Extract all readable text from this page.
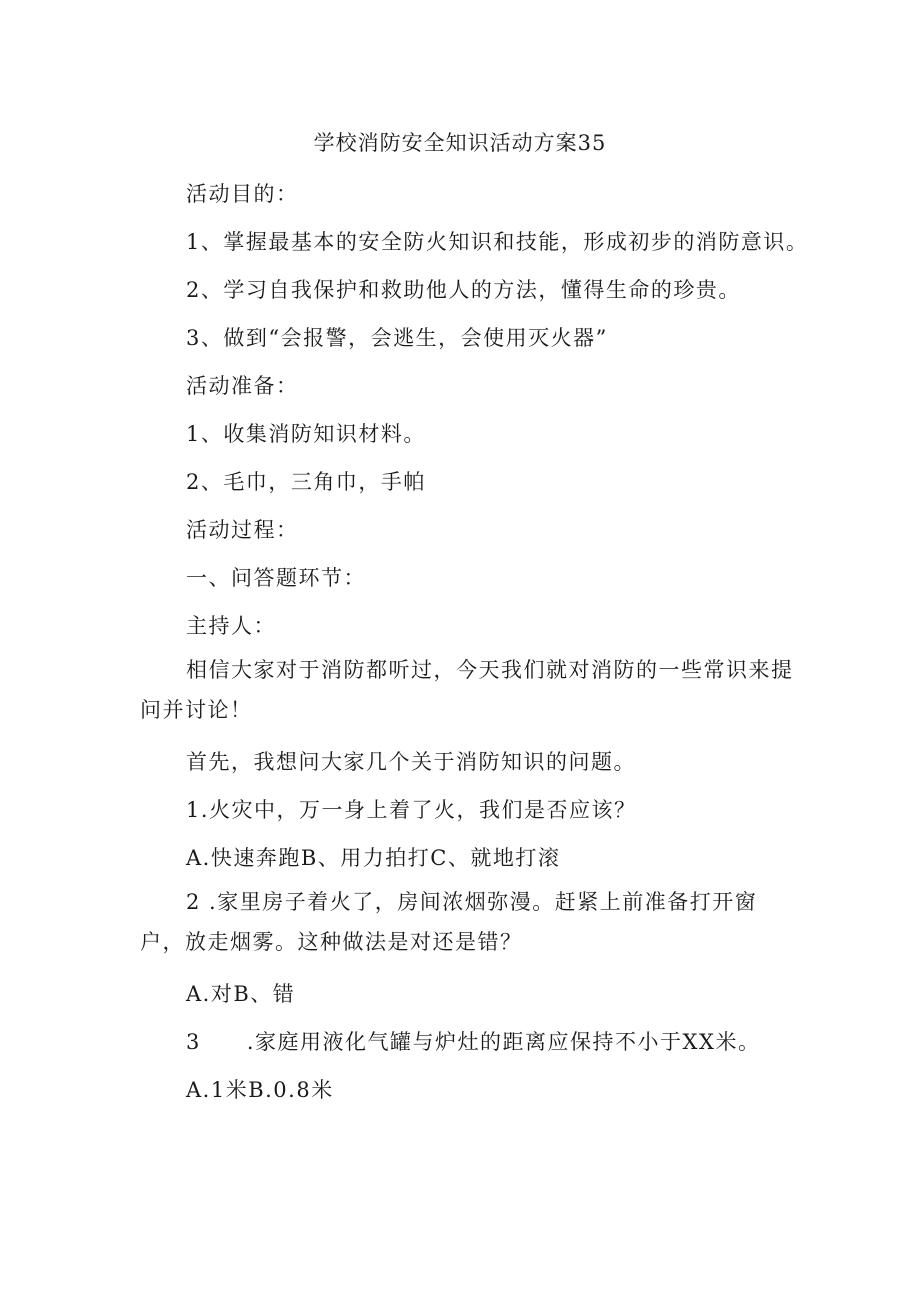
学校消防安全知识活动方案35

活动目的：

1、掌握最基本的安全防火知识和技能，形成初步的消防意识。

2、学习自我保护和救助他人的方法，懂得生命的珍贵。

3、做到“会报警，会逃生，会使用灭火器”

活动准备：

1、收集消防知识材料。

2、毛巾，三角巾，手帕

活动过程：

一、问答题环节：

主持人：

相信大家对于消防都听过，今天我们就对消防的一些常识来提

问并讨论！

首先，我想问大家几个关于消防知识的问题。

1.火灾中，万一身上着了火，我们是否应该？

A.快速奔跑B、用力拍打C、就地打滚

2 .家里房子着火了，房间浓烟弥漫。赶紧上前准备打开窗

户，放走烟雾。这种做法是对还是错？

A.对B、错

3 .家庭用液化气罐与炉灶的距离应保持不小于XX米。

A.1米B.0.8米
